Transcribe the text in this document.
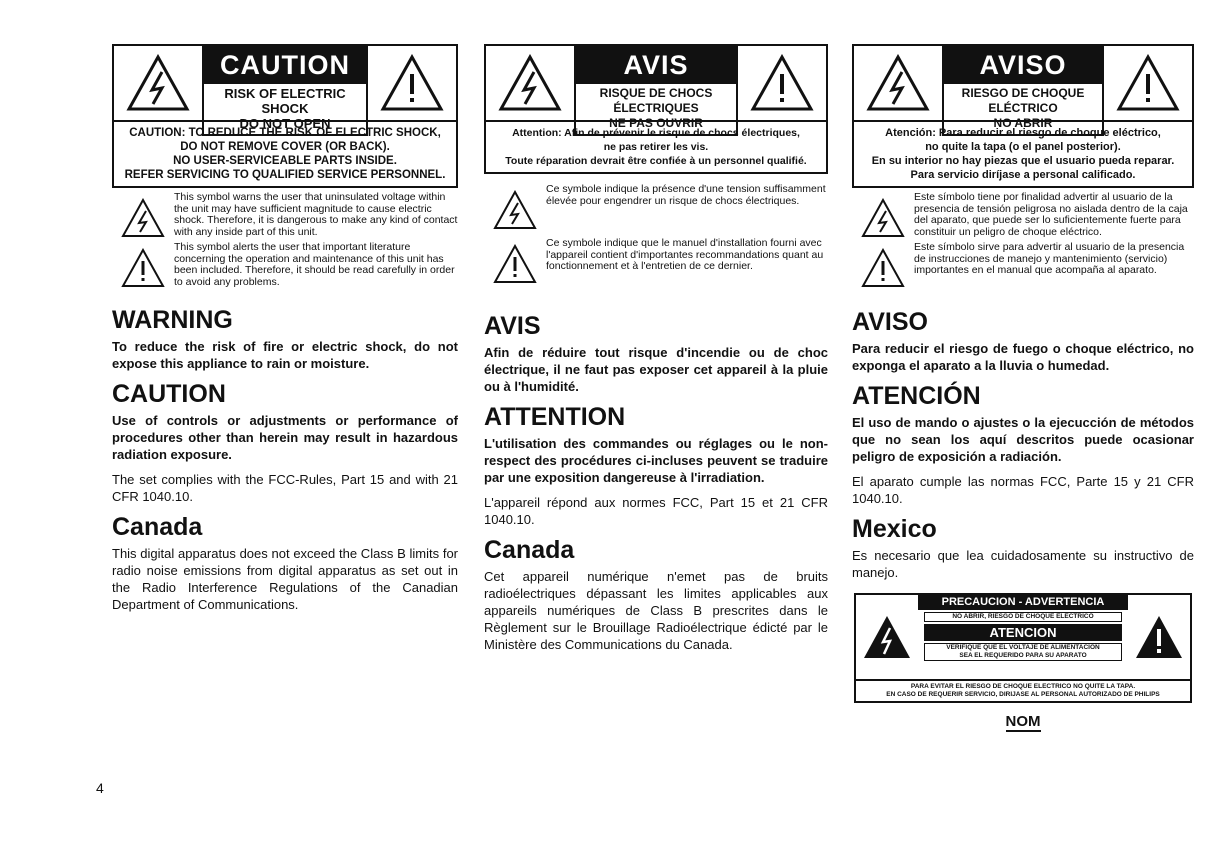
CAUTION
RISK OF ELECTRIC SHOCK
DO NOT OPEN
CAUTION: TO REDUCE THE RISK OF ELECTRIC SHOCK,
DO NOT REMOVE COVER (OR BACK).
NO USER-SERVICEABLE PARTS INSIDE.
REFER SERVICING TO QUALIFIED SERVICE PERSONNEL.
This symbol warns the user that uninsulated voltage within the unit may have sufficient magnitude to cause electric shock. Therefore, it is dangerous to make any kind of contact with any inside part of this unit.
This symbol alerts the user that important literature concerning the operation and maintenance of this unit has been included. Therefore, it should be read carefully in order to avoid any problems.
WARNING

To reduce the risk of fire or electric shock, do not expose this appliance to rain or moisture.

CAUTION

Use of controls or adjustments or performance of procedures other than herein may result in hazardous radiation exposure.

The set complies with the FCC-Rules, Part 15 and with 21 CFR 1040.10.

Canada

This digital apparatus does not exceed the Class B limits for radio noise emissions from digital apparatus as set out in the Radio Interference Regulations of the Canadian Department of Communications.

AVIS
RISQUE DE CHOCS ÉLECTRIQUES
NE PAS OUVRIR
Attention: Afin de prévenir le risque de chocs électriques,
ne pas retirer les vis.
Toute réparation devrait être confiée à un personnel qualifié.
Ce symbole indique la présence d'une tension suffisamment élevée pour engendrer un risque de chocs électriques.
Ce symbole indique que le manuel d'installation fourni avec l'appareil contient d'importantes recommandations quant au fonctionnement et à l'entretien de ce dernier.
AVIS

Afin de réduire tout risque d'incendie ou de choc électrique, il ne faut pas exposer cet appareil à la pluie ou à l'humidité.

ATTENTION

L'utilisation des commandes ou réglages ou le non-respect des procédures ci-incluses peuvent se traduire par une exposition dangereuse à l'irradiation.

L'appareil répond aux normes FCC, Part 15 et 21 CFR 1040.10.

Canada

Cet appareil numérique n'emet pas de bruits radioélectriques dépassant les limites applicables aux appareils numériques de Class B prescrites dans le Règlement sur le Brouillage Radioélectrique édicté par le Ministère des Communications du Canada.

AVISO
RIESGO DE CHOQUE ELÉCTRICO
NO ABRIR
Atención: Para reducir el riesgo de choque eléctrico,
no quite la tapa (o el panel posterior).
En su interior no hay piezas que el usuario pueda reparar.
Para servicio diríjase a personal calificado.
Este símbolo tiene por finalidad advertir al usuario de la presencia de tensión peligrosa no aislada dentro de la caja del aparato, que puede ser lo suficientemente fuerte para constituir un peligro de choque eléctrico.
Este símbolo sirve para advertir al usuario de la presencia de instrucciones de manejo y mantenimiento (servicio) importantes en el manual que acompaña al aparato.
AVISO

Para reducir el riesgo de fuego o choque eléctrico, no exponga el aparato a la lluvia o humedad.

ATENCIÓN

El uso de mando o ajustes o la ejecucción de métodos que no sean los aquí descritos puede ocasionar peligro de exposición a radiación.

El aparato cumple las normas FCC, Parte 15 y 21 CFR 1040.10.

Mexico

Es necesario que lea cuidadosamente su instructivo de manejo.

PRECAUCION - ADVERTENCIA
NO ABRIR, RIESGO DE CHOQUE ELECTRICO
ATENCION
VERIFIQUE QUE EL VOLTAJE DE ALIMENTACION
SEA EL REQUERIDO PARA SU APARATO
PARA EVITAR EL RIESGO DE CHOQUE ELECTRICO NO QUITE LA TAPA.
EN CASO DE REQUERIR SERVICIO, DIRIJASE AL PERSONAL AUTORIZADO DE PHILIPS
NOM
4
